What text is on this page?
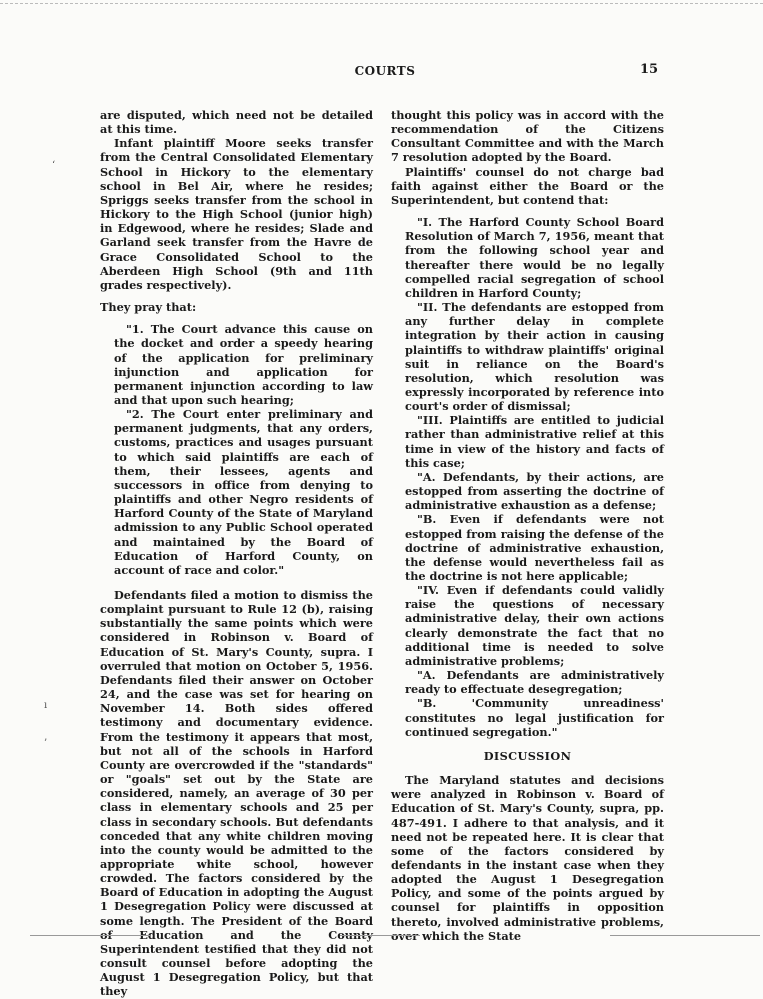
COURTS	15
‘
ı
’

are disputed, which need not be detailed at this time.

Infant plaintiff Moore seeks transfer from the Central Consolidated Elementary School in Hickory to the elementary school in Bel Air, where he resides; Spriggs seeks transfer from the school in Hickory to the High School (junior high) in Edgewood, where he resides; Slade and Garland seek transfer from the Havre de Grace Consolidated School to the Aberdeen High School (9th and 11th grades respectively).

They pray that:

"1. The Court advance this cause on the docket and order a speedy hearing of the application for preliminary injunction and application for permanent injunction according to law and that upon such hearing;

"2. The Court enter preliminary and permanent judgments, that any orders, customs, practices and usages pursuant to which said plaintiffs are each of them, their lessees, agents and successors in office from denying to plaintiffs and other Negro residents of Harford County of the State of Maryland admission to any Public School operated and maintained by the Board of Education of Harford County, on account of race and color."

Defendants filed a motion to dismiss the complaint pursuant to Rule 12 (b), raising substantially the same points which were considered in Robinson v. Board of Education of St. Mary's County, supra. I overruled that motion on October 5, 1956. Defendants filed their answer on October 24, and the case was set for hearing on November 14. Both sides offered testimony and documentary evidence. From the testimony it appears that most, but not all of the schools in Harford County are overcrowded if the "standards" or "goals" set out by the State are considered, namely, an average of 30 per class in elementary schools and 25 per class in secondary schools. But defendants conceded that any white children moving into the county would be admitted to the appropriate white school, however crowded. The factors considered by the Board of Education in adopting the August 1 Desegregation Policy were discussed at some length. The President of the Board of Education and the County Superintendent testified that they did not consult counsel before adopting the August 1 Desegregation Policy, but that they

thought this policy was in accord with the recommendation of the Citizens Consultant Committee and with the March 7 resolution adopted by the Board.

Plaintiffs' counsel do not charge bad faith against either the Board or the Superintendent, but contend that:

"I. The Harford County School Board Resolution of March 7, 1956, meant that from the following school year and thereafter there would be no legally compelled racial segregation of school children in Harford County;

"II. The defendants are estopped from any further delay in complete integration by their action in causing plaintiffs to withdraw plaintiffs' original suit in reliance on the Board's resolution, which resolution was expressly incorporated by reference into court's order of dismissal;

"III. Plaintiffs are entitled to judicial rather than administrative relief at this time in view of the history and facts of this case;

"A. Defendants, by their actions, are estopped from asserting the doctrine of administrative exhaustion as a defense;

"B. Even if defendants were not estopped from raising the defense of the doctrine of administrative exhaustion, the defense would nevertheless fail as the doctrine is not here applicable;

"IV. Even if defendants could validly raise the questions of necessary administrative delay, their own actions clearly demonstrate the fact that no additional time is needed to solve administrative problems;

"A. Defendants are administratively ready to effectuate desegregation;

"B. 'Community unreadiness' constitutes no legal justification for continued segregation."

DISCUSSION

The Maryland statutes and decisions were analyzed in Robinson v. Board of Education of St. Mary's County, supra, pp. 487-491. I adhere to that analysis, and it need not be repeated here. It is clear that some of the factors considered by defendants in the instant case when they adopted the August 1 Desegregation Policy, and some of the points argued by counsel for plaintiffs in opposition thereto, involved administrative problems, over which the State
